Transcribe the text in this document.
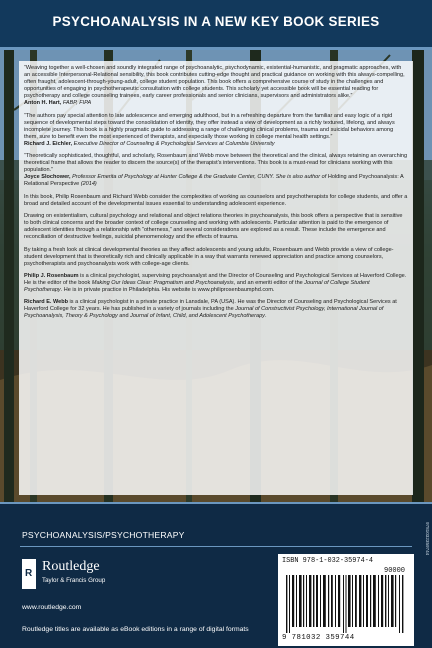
PSYCHOANALYSIS IN A NEW KEY BOOK SERIES

“Weaving together a well-chosen and soundly integrated range of psychoanalytic, psychodynamic, existential-humanistic, and pragmatic approaches, with an accessible Interpersonal-Relational sensibility, this book contributes cutting-edge thought and practical guidance on working with this always-compelling, often fraught, adolescent-through-young-adult, college student population. This book offers a comprehensive course of study in the challenges and opportunities of engaging in psychotherapeutic consultation with college students. This scholarly yet accessible book will be essential reading for psychotherapy and college counseling trainees, early career professionals and senior clinicians, supervisors and administrators alike.”
Anton H. Hart, FABP, FIPA

“The authors pay special attention to late adolescence and emerging adulthood, but in a refreshing departure from the familiar and easy logic of a rigid sequence of developmental steps toward the consolidation of identity, they offer instead a view of development as a richly textured, lifelong, and always incomplete journey. This book is a highly pragmatic guide to addressing a range of challenging clinical problems, trauma and suicidal behaviors among them, sure to benefit even the most experienced of therapists, and especially those working in college mental health settings.”
Richard J. Eichler, Executive Director of Counseling & Psychological Services at Columbia University

“Theoretically sophisticated, thoughtful, and scholarly, Rosenbaum and Webb move between the theoretical and the clinical, always retaining an overarching theoretical frame that allows the reader to discern the source(s) of the therapist’s interventions. This book is a must-read for clinicians working with this population.”
Joyce Slochower, Professor Emerita of Psychology at Hunter College & the Graduate Center, CUNY. She is also author of Holding and Psychoanalysis: A Relational Perspective (2014)

In this book, Philip Rosenbaum and Richard Webb consider the complexities of working as counselors and psychotherapists for college students, and offer a broad and detailed account of the developmental issues essential to understanding adolescent experience.

Drawing on existentialism, cultural psychology and relational and object relations theories in psychoanalysis, this book offers a perspective that is sensitive to both clinical concerns and the broader context of college counseling and working with adolescents. Particular attention is paid to the emergence of adolescent identities through a relationship with “otherness,” and several considerations are explored as a result. These include the emergence and reconciliation of destructive feelings, suicidal phenomenology and the effects of trauma.

By taking a fresh look at clinical developmental theories as they affect adolescents and young adults, Rosenbaum and Webb provide a view of college-student development that is theoretically rich and clinically applicable in a way that warrants renewed appreciation and practice among counselors, psychotherapists and psychoanalysts work with college-age clients.

Philip J. Rosenbaum is a clinical psychologist, supervising psychoanalyst and the Director of Counseling and Psychological Services at Haverford College. He is the editor of the book Making Our Ideas Clear: Pragmatism and Psychoanalysis, and an emeriti editor of the Journal of College Student Psychotherapy. He is in private practice in Philadelphia. His website is www.philiprosenbaumphd.com.

Richard E. Webb is a clinical psychologist in a private practice in Lansdale, PA (USA). He was the Director of Counseling and Psychological Services at Haverford College for 32 years. He has published in a variety of journals including the Journal of Constructivist Psychology, International Journal of Psychoanalysis, Theory & Psychology and Journal of Infant, Child, and Adolescent Psychotherapy.

PSYCHOANALYSIS/PSYCHOTHERAPY
R Routledge
Taylor & Francis Group
www.routledge.com
Routledge titles are available as eBook editions in a range of digital formats
ISBN 978-1-032-35974-4
90000
9 781032 359744
9781032359744
